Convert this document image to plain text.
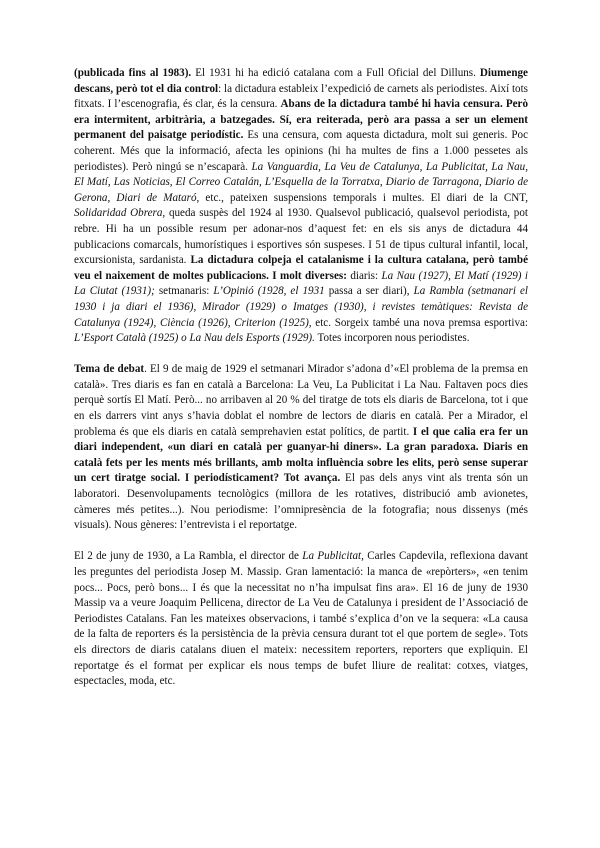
(publicada fins al 1983). El 1931 hi ha edició catalana com a Full Oficial del Dilluns. Diumenge descans, però tot el dia control: la dictadura estableix l’expedició de carnets als periodistes. Així tots fitxats. I l’escenografia, és clar, és la censura. Abans de la dictadura també hi havia censura. Però era intermitent, arbitrària, a batzegades. Sí, era reiterada, però ara passa a ser un element permanent del paisatge periodístic. Es una censura, com aquesta dictadura, molt sui generis. Poc coherent. Més que la informació, afecta les opinions (hi ha multes de fins a 1.000 pessetes als periodistes). Però ningú se n’escaparà. La Vanguardia, La Veu de Catalunya, La Publicitat, La Nau, El Matí, Las Noticias, El Correo Catalán, L’Esquella de la Torratxa, Diario de Tarragona, Diario de Gerona, Diari de Mataró, etc., pateixen suspensions temporals i multes. El diari de la CNT, Solidaridad Obrera, queda suspès del 1924 al 1930. Qualsevol publicació, qualsevol periodista, pot rebre. Hi ha un possible resum per adonar-nos d’aquest fet: en els sis anys de dictadura 44 publicacions comarcals, humorístiques i esportives són suspeses. I 51 de tipus cultural infantil, local, excursionista, sardanista. La dictadura colpeja el catalanisme i la cultura catalana, però també veu el naixement de moltes publicacions. I molt diverses: diaris: La Nau (1927), El Matí (1929) i La Ciutat (1931); setmanaris: L’Opinió (1928, el 1931 passa a ser diari), La Rambla (setmanari el 1930 i ja diari el 1936), Mirador (1929) o Imatges (1930), i revistes temàtiques: Revista de Catalunya (1924), Ciència (1926), Criterion (1925), etc. Sorgeix també una nova premsa esportiva: L’Esport Català (1925) o La Nau dels Esports (1929). Totes incorporen nous periodistes.

Tema de debat. El 9 de maig de 1929 el setmanari Mirador s’adona d’«El problema de la premsa en català». Tres diaris es fan en català a Barcelona: La Veu, La Publicitat i La Nau. Faltaven pocs dies perquè sortís El Matí. Però... no arribaven al 20 % del tiratge de tots els diaris de Barcelona, tot i que en els darrers vint anys s’havia doblat el nombre de lectors de diaris en català. Per a Mirador, el problema és que els diaris en català semprehavien estat polítics, de partit. I el que calia era fer un diari independent, «un diari en català per guanyar-hi diners». La gran paradoxa. Diaris en català fets per les ments més brillants, amb molta influència sobre les elits, però sense superar un cert tiratge social. I periodísticament? Tot avança. El pas dels anys vint als trenta són un laboratori. Desenvolupaments tecnològics (millora de les rotatives, distribució amb avionetes, càmeres més petites...). Nou periodisme: l’omnipresència de la fotografia; nous dissenys (més visuals). Nous gèneres: l’entrevista i el reportatge.

El 2 de juny de 1930, a La Rambla, el director de La Publicitat, Carles Capdevila, reflexiona davant les preguntes del periodista Josep M. Massip. Gran lamentació: la manca de «repòrters», «en tenim pocs... Pocs, però bons... I és que la necessitat no n’ha impulsat fins ara». El 16 de juny de 1930 Massip va a veure Joaquim Pellicena, director de La Veu de Catalunya i president de l’Associació de Periodistes Catalans. Fan les mateixes observacions, i també s’explica d’on ve la sequera: «La causa de la falta de reporters és la persistència de la prèvia censura durant tot el que portem de segle». Tots els directors de diaris catalans diuen el mateix: necessitem reporters, reporters que expliquin. El reportatge és el format per explicar els nous temps de bufet lliure de realitat: cotxes, viatges, espectacles, moda, etc.
